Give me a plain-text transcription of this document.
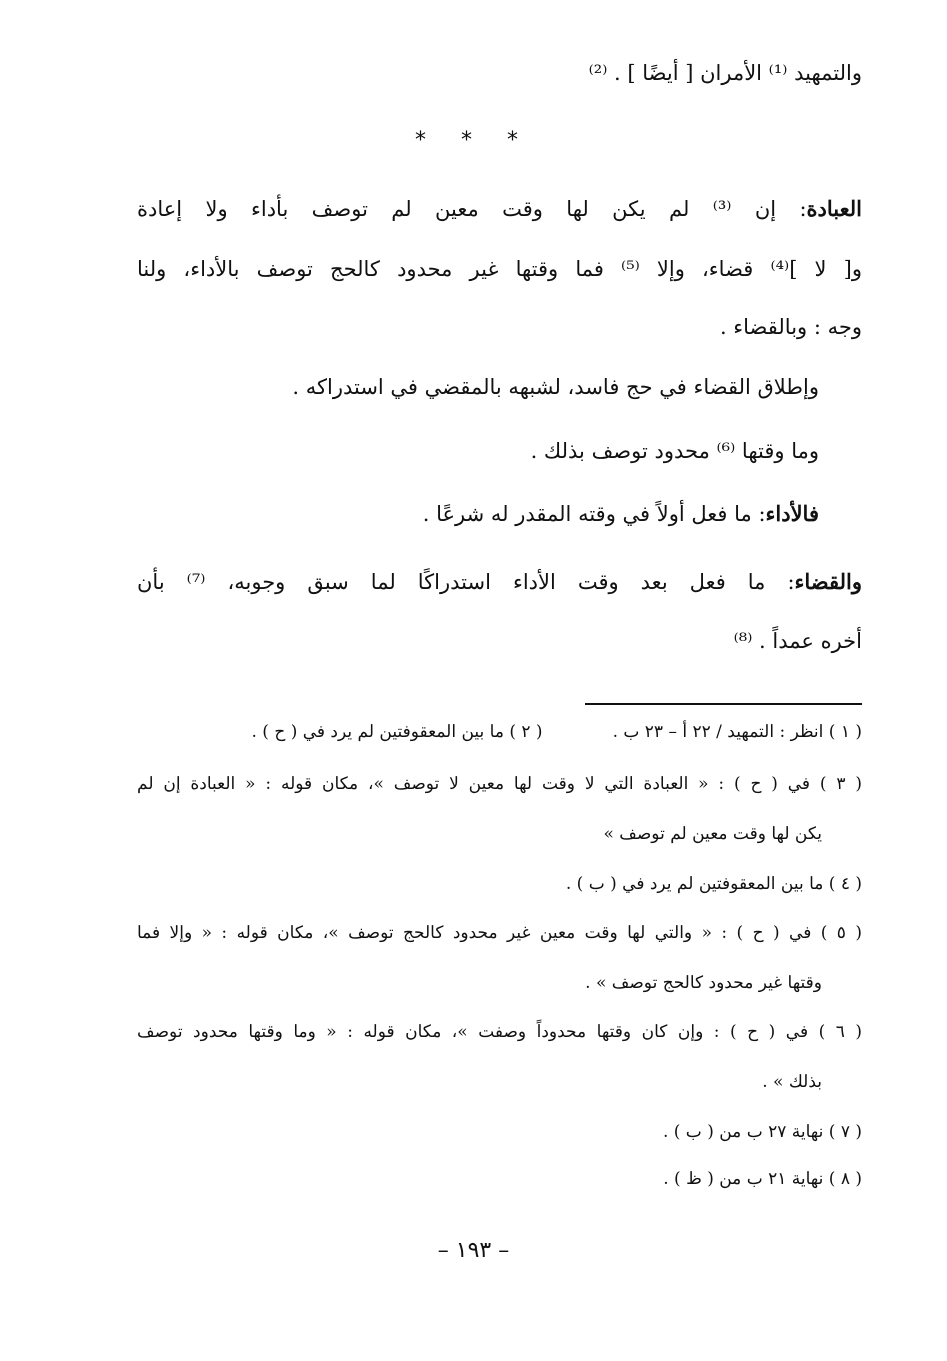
والتمهيد ⁽¹⁾ الأمران [ أيضًا ] . ⁽²⁾

* * *

العبادة: إن ⁽³⁾ لم يكن لها وقت معين لم توصف بأداء ولا إعادة

و[ لا ]⁽⁴⁾ قضاء، وإلا ⁽⁵⁾ فما وقتها غير محدود كالحج توصف بالأداء، ولنا

وجه : وبالقضاء .

وإطلاق القضاء في حج فاسد، لشبهه بالمقضي في استدراكه .

وما وقتها ⁽⁶⁾ محدود توصف بذلك .

فالأداء: ما فعل أولاً في وقته المقدر له شرعًا .

والقضاء: ما فعل بعد وقت الأداء استدراكًا لما سبق وجوبه، ⁽⁷⁾ بأن

أخره عمداً . ⁽⁸⁾

( ١ ) انظر : التمهيد / ٢٢ أ – ٢٣ ب .
( ٢ ) ما بين المعقوفتين لم يرد في ( ح ) .

( ٣ ) في ( ح ) : « العبادة التي لا وقت لها معين لا توصف »، مكان قوله : « العبادة إن لم

يكن لها وقت معين لم توصف »

( ٤ ) ما بين المعقوفتين لم يرد في ( ب ) .

( ٥ ) في ( ح ) : « والتي لها وقت معين غير محدود كالحج توصف »، مكان قوله : « وإلا فما

وقتها غير محدود كالحج توصف » .

( ٦ ) في ( ح ) : وإن كان وقتها محدوداً وصفت »، مكان قوله : « وما وقتها محدود توصف

بذلك » .

( ٧ ) نهاية ٢٧ ب من ( ب ) .

( ٨ ) نهاية ٢١ ب من ( ظ ) .

– ١٩٣ –
